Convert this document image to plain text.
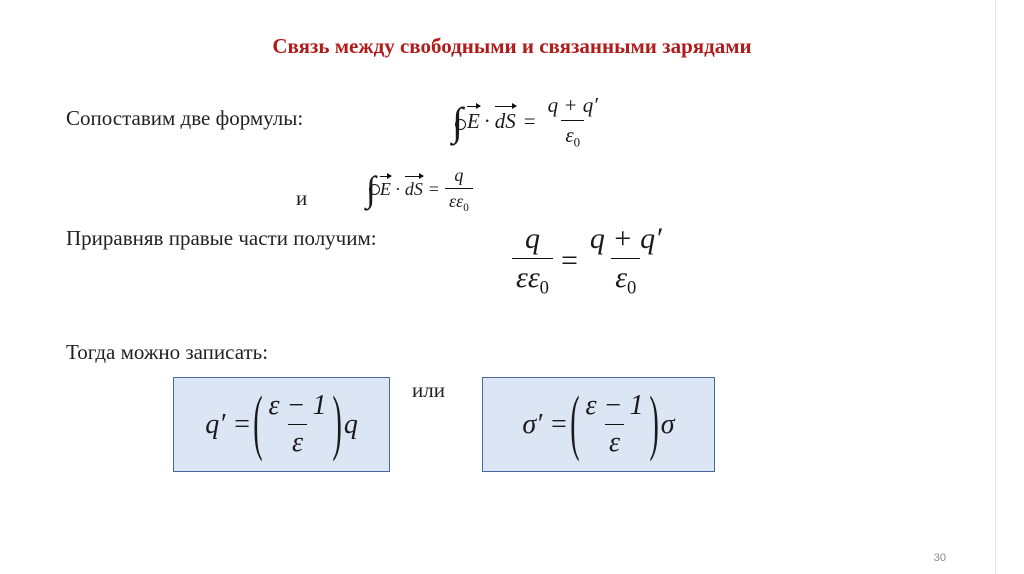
Связь между свободными и связанными зарядами
Сопоставим две формулы:	∫ E · dS = $\frac{q + q'}{\varepsilon_0}$
и ∫ E · dS = $\frac{q}{\varepsilon\varepsilon_0}$
Приравняв правые части получим:	$\frac{q}{\varepsilon\varepsilon_0} = \frac{q + q'}{\varepsilon_0}$
Тогда можно записать:
q′ = ( $\frac{\varepsilon - 1}{\varepsilon}$ ) q
или
σ′ = ( $\frac{\varepsilon - 1}{\varepsilon}$ ) σ
30
